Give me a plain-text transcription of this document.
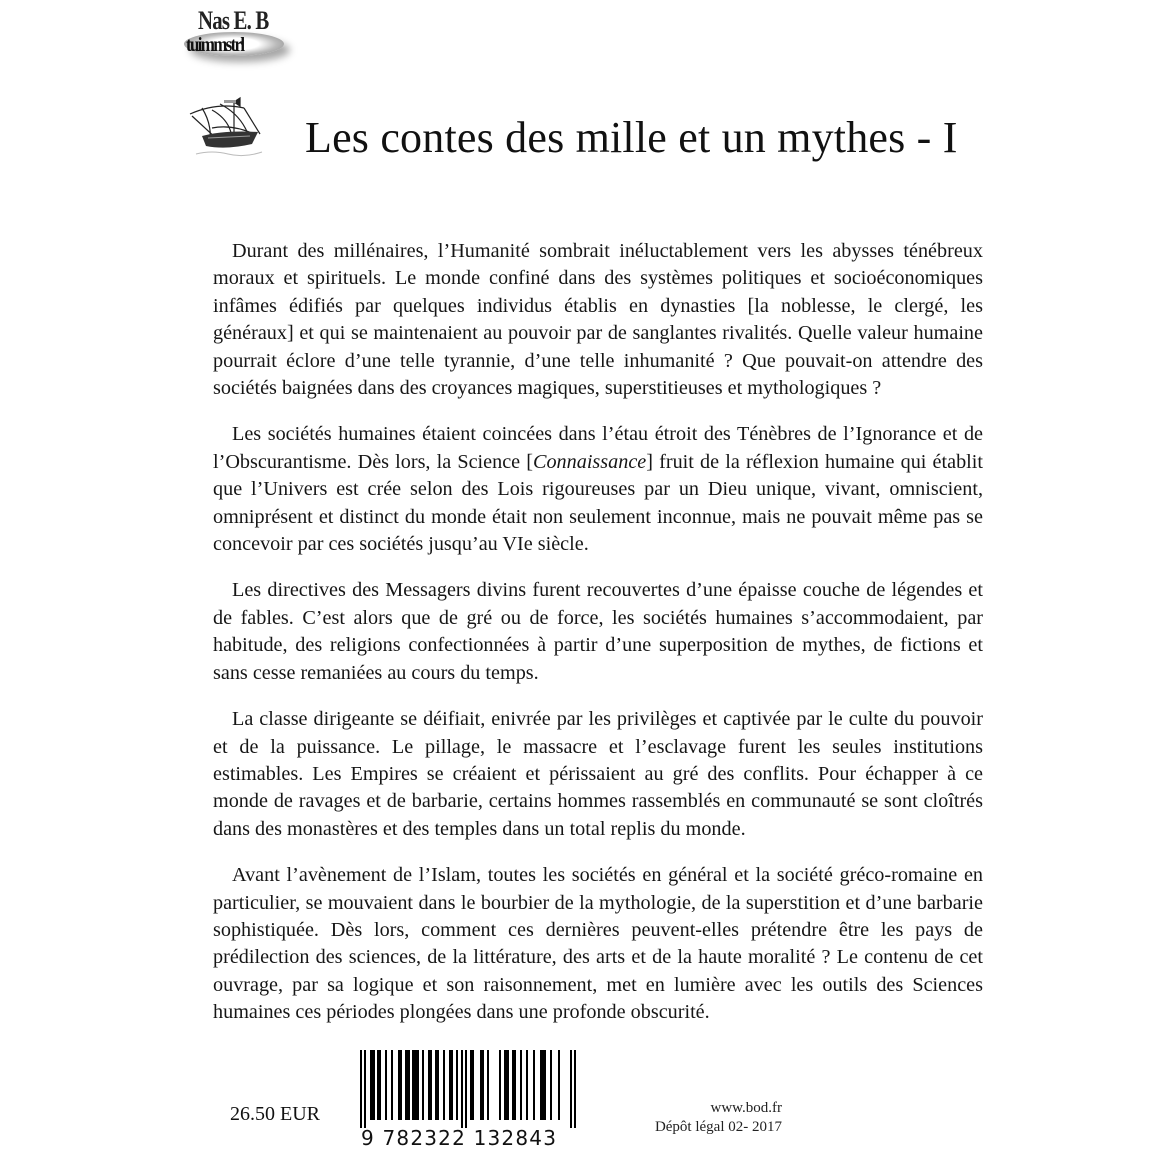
Nas E. B
tuimmstrl
Les contes des mille et un mythes - I

Durant des millénaires, l’Humanité sombrait inéluctablement vers les abysses ténébreux moraux et spirituels. Le monde confiné dans des systèmes politiques et socioéconomiques infâmes édifiés par quelques individus établis en dynasties [la noblesse, le clergé, les généraux] et qui se maintenaient au pouvoir par de sanglantes rivalités. Quelle valeur humaine pourrait éclore d’une telle tyrannie, d’une telle inhumanité ? Que pouvait-on attendre des sociétés baignées dans des croyances magiques, superstitieuses et mythologiques ?

Les sociétés humaines étaient coincées dans l’étau étroit des Ténèbres de l’Ignorance et de l’Obscurantisme. Dès lors, la Science [Connaissance] fruit de la réflexion humaine qui établit que l’Univers est crée selon des Lois rigoureuses par un Dieu unique, vivant, omniscient, omniprésent et distinct du monde était non seulement inconnue, mais ne pouvait même pas se concevoir par ces sociétés jusqu’au VIe siècle.

Les directives des Messagers divins furent recouvertes d’une épaisse couche de légendes et de fables. C’est alors que de gré ou de force, les sociétés humaines s’accommodaient, par habitude, des religions confectionnées à partir d’une superposition de mythes, de fictions et sans cesse remaniées au cours du temps.

La classe dirigeante se déifiait, enivrée par les privilèges et captivée par le culte du pouvoir et de la puissance. Le pillage, le massacre et l’esclavage furent les seules institutions estimables. Les Empires se créaient et périssaient au gré des conflits. Pour échapper à ce monde de ravages et de barbarie, certains hommes rassemblés en communauté se sont cloîtrés dans des monastères et des temples dans un total replis du monde.

Avant l’avènement de l’Islam, toutes les sociétés en général et la société gréco-romaine en particulier, se mouvaient dans le bourbier de la mythologie, de la superstition et d’une barbarie sophistiquée. Dès lors, comment ces dernières peuvent-elles prétendre être les pays de prédilection des sciences, de la littérature, des arts et de la haute moralité ? Le contenu de cet ouvrage, par sa logique et son raisonnement, met en lumière avec les outils des Sciences humaines ces périodes plongées dans une profonde obscurité.

26.50 EUR
9 782322 132843
www.bod.fr
Dépôt légal 02- 2017
